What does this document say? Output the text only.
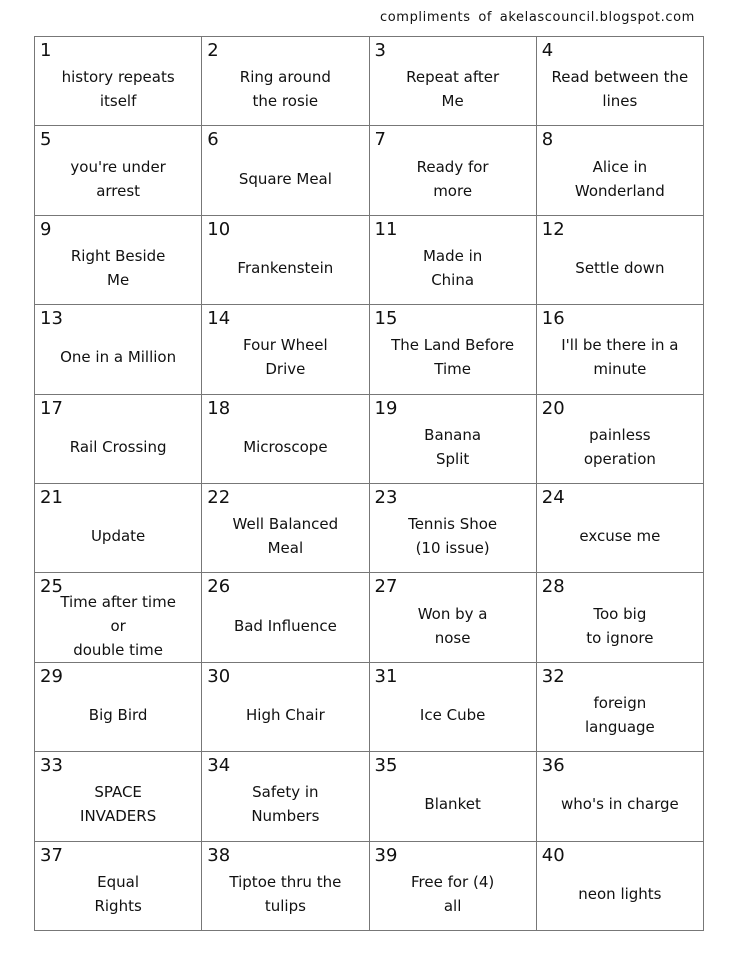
compliments of akelascouncil.blogspot.com
1
history repeats
itself
2
Ring around
the rosie
3
Repeat after
Me
4
Read between the
lines
5
you're under
arrest
6
Square Meal
7
Ready for
more
8
Alice in
Wonderland
9
Right Beside
Me
10
Frankenstein
11
Made in
China
12
Settle down
13
One in a Million
14
Four Wheel
Drive
15
The Land Before
Time
16
I'll be there in a
minute
17
Rail Crossing
18
Microscope
19
Banana
Split
20
painless
operation
21
Update
22
Well Balanced
Meal
23
Tennis Shoe
(10 issue)
24
excuse me
25
Time after time
or
double time
26
Bad Influence
27
Won by a
nose
28
Too big
to ignore
29
Big Bird
30
High Chair
31
Ice Cube
32
foreign
language
33
SPACE
INVADERS
34
Safety in
Numbers
35
Blanket
36
who's in charge
37
Equal
Rights
38
Tiptoe thru the
tulips
39
Free for (4)
all
40
neon lights
